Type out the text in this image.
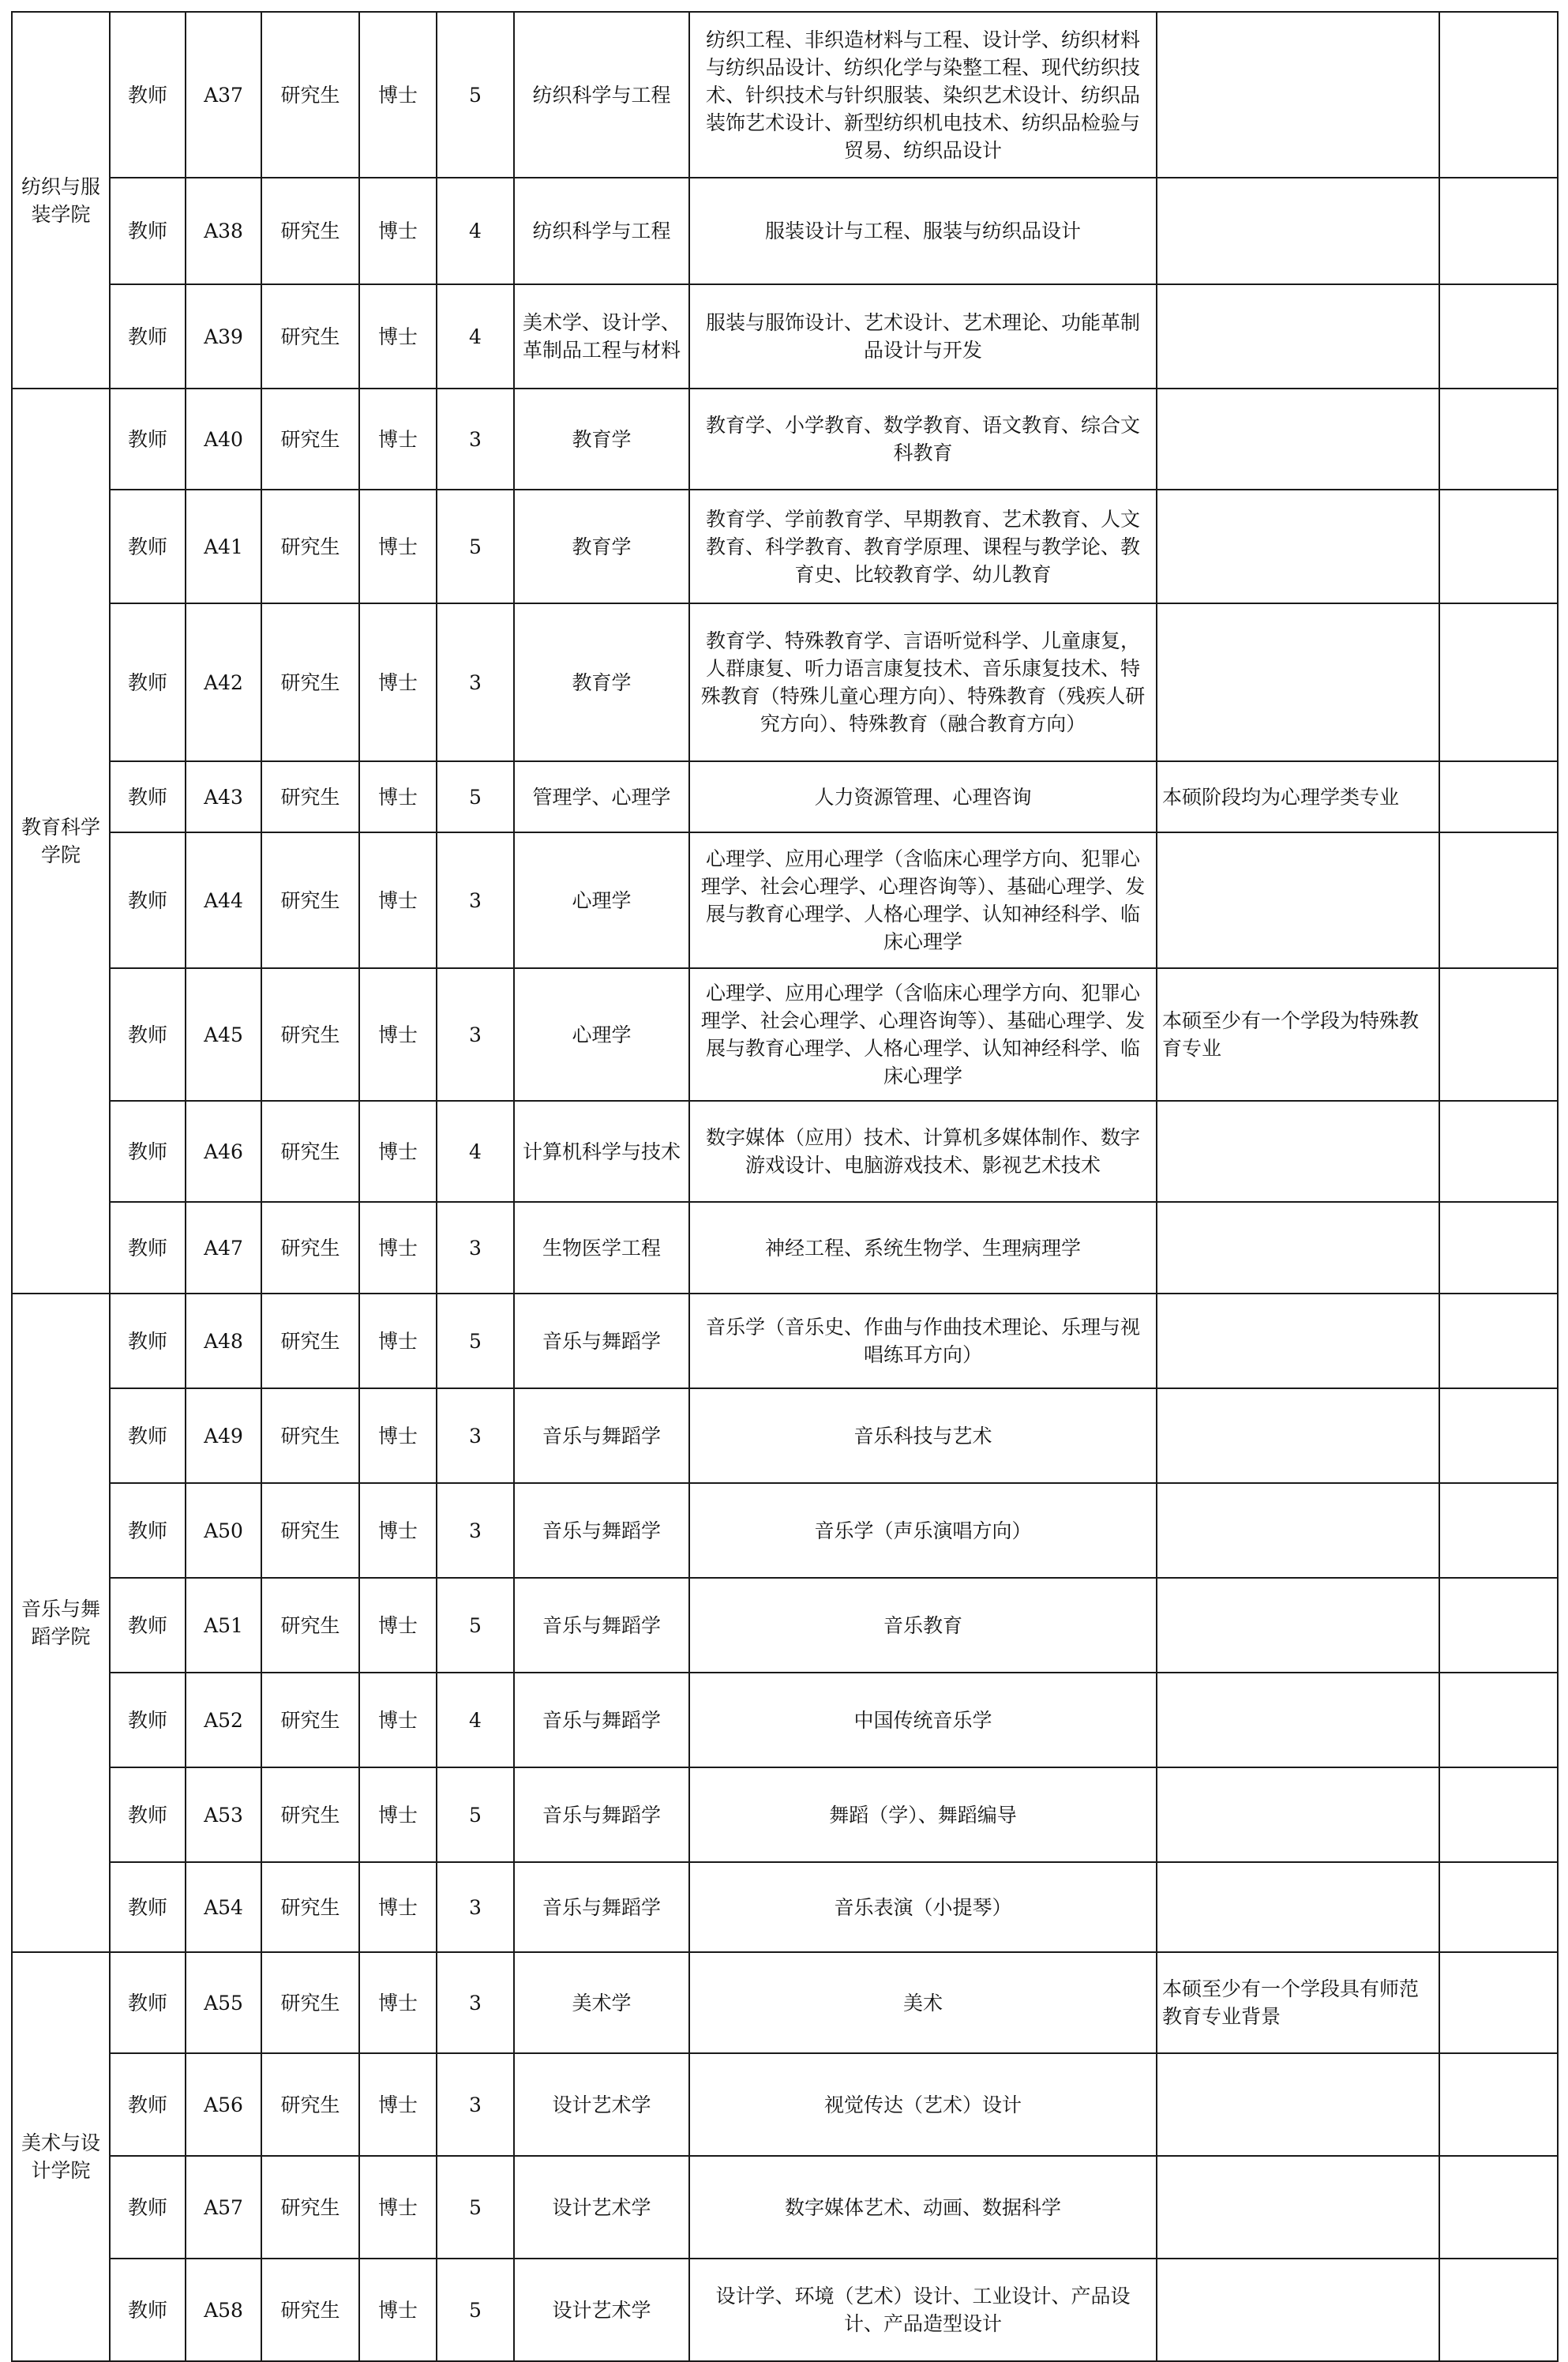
纺织与服装学院	教师	A37	研究生	博士	5	纺织科学与工程	纺织工程、非织造材料与工程、设计学、纺织材料与纺织品设计、纺织化学与染整工程、现代纺织技术、针织技术与针织服装、染织艺术设计、纺织品装饰艺术设计、新型纺织机电技术、纺织品检验与贸易、纺织品设计		
	教师	A38	研究生	博士	4	纺织科学与工程	服装设计与工程、服装与纺织品设计		
	教师	A39	研究生	博士	4	美术学、设计学、革制品工程与材料	服装与服饰设计、艺术设计、艺术理论、功能革制品设计与开发		
教育科学学院	教师	A40	研究生	博士	3	教育学	教育学、小学教育、数学教育、语文教育、综合文科教育		
	教师	A41	研究生	博士	5	教育学	教育学、学前教育学、早期教育、艺术教育、人文教育、科学教育、教育学原理、课程与教学论、教育史、比较教育学、幼儿教育		
	教师	A42	研究生	博士	3	教育学	教育学、特殊教育学、言语听觉科学、儿童康复，人群康复、听力语言康复技术、音乐康复技术、特殊教育（特殊儿童心理方向）、特殊教育（残疾人研究方向）、特殊教育（融合教育方向）		
	教师	A43	研究生	博士	5	管理学、心理学	人力资源管理、心理咨询	本硕阶段均为心理学类专业	
	教师	A44	研究生	博士	3	心理学	心理学、应用心理学（含临床心理学方向、犯罪心理学、社会心理学、心理咨询等）、基础心理学、发展与教育心理学、人格心理学、认知神经科学、临床心理学		
	教师	A45	研究生	博士	3	心理学	心理学、应用心理学（含临床心理学方向、犯罪心理学、社会心理学、心理咨询等）、基础心理学、发展与教育心理学、人格心理学、认知神经科学、临床心理学	本硕至少有一个学段为特殊教育专业	
	教师	A46	研究生	博士	4	计算机科学与技术	数字媒体（应用）技术、计算机多媒体制作、数字游戏设计、电脑游戏技术、影视艺术技术		
	教师	A47	研究生	博士	3	生物医学工程	神经工程、系统生物学、生理病理学		
音乐与舞蹈学院	教师	A48	研究生	博士	5	音乐与舞蹈学	音乐学（音乐史、作曲与作曲技术理论、乐理与视唱练耳方向）		
	教师	A49	研究生	博士	3	音乐与舞蹈学	音乐科技与艺术		
	教师	A50	研究生	博士	3	音乐与舞蹈学	音乐学（声乐演唱方向）		
	教师	A51	研究生	博士	5	音乐与舞蹈学	音乐教育		
	教师	A52	研究生	博士	4	音乐与舞蹈学	中国传统音乐学		
	教师	A53	研究生	博士	5	音乐与舞蹈学	舞蹈（学）、舞蹈编导		
	教师	A54	研究生	博士	3	音乐与舞蹈学	音乐表演（小提琴）		
美术与设计学院	教师	A55	研究生	博士	3	美术学	美术	本硕至少有一个学段具有师范教育专业背景	
	教师	A56	研究生	博士	3	设计艺术学	视觉传达（艺术）设计		
	教师	A57	研究生	博士	5	设计艺术学	数字媒体艺术、动画、数据科学		
	教师	A58	研究生	博士	5	设计艺术学	设计学、环境（艺术）设计、工业设计、产品设计、产品造型设计		
